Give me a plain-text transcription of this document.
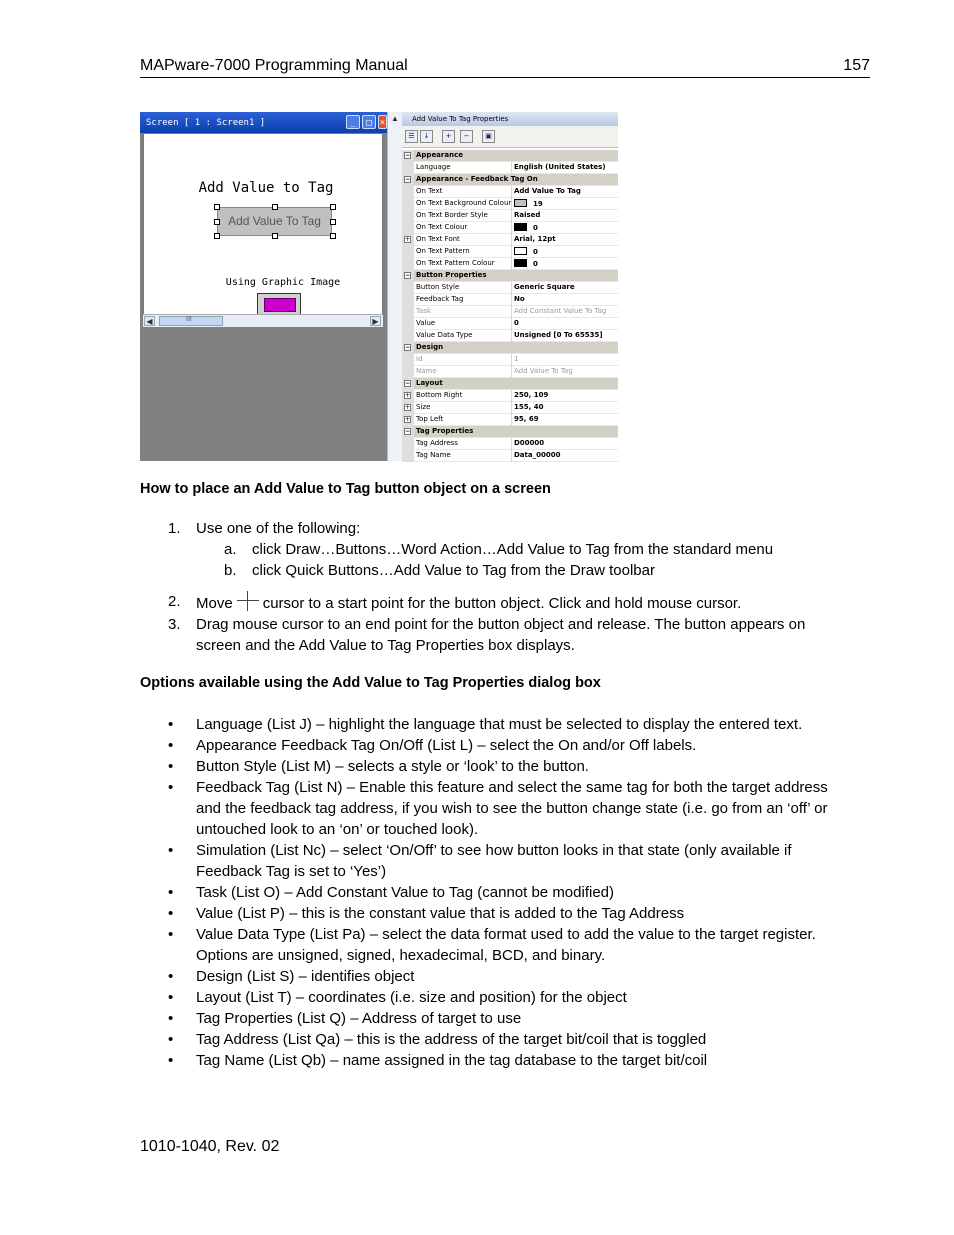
MAPware-7000 Programming Manual	157
Screen [ 1 : Screen1 ]	_	□ ×
Add Value to Tag
Add Value To Tag
Using Graphic Image
◀	III	▶
▲ Add Value To Tag Properties
☰	↓	+	−	▣
− Appearance
Language	English (United States)
− Appearance - Feedback Tag On
On Text	Add Value To Tag
On Text Background Colour	19
On Text Border Style	Raised
On Text Colour	0
+ On Text Font	Arial, 12pt
On Text Pattern	0
On Text Pattern Colour	0
− Button Properties
Button Style	Generic Square
Feedback Tag	No
Task	Add Constant Value To Tag
Value	0
Value Data Type	Unsigned [0 To 65535]
− Design
Id	1
Name	Add Value To Tag
− Layout
+ Bottom Right	250, 109
+ Size	155, 40
+ Top Left	95, 69
− Tag Properties
Tag Address	D00000
Tag Name	Data_00000
How to place an Add Value to Tag button object on a screen
1. Use one of the following:
a. click Draw…Buttons…Word Action…Add Value to Tag from the standard menu
b. click Quick Buttons…Add Value to Tag from the Draw toolbar
2. Move cursor to a start point for the button object. Click and hold mouse cursor.
3. Drag mouse cursor to an end point for the button object and release. The button appears on screen and the Add Value to Tag Properties box displays.
Options available using the Add Value to Tag Properties dialog box
• Language (List J) – highlight the language that must be selected to display the entered text.
• Appearance Feedback Tag On/Off (List L) – select the On and/or Off labels.
• Button Style (List M) – selects a style or ‘look’ to the button.
• Feedback Tag (List N) – Enable this feature and select the same tag for both the target address and the feedback tag address, if you wish to see the button change state (i.e. go from an ‘off’ or untouched look to an ‘on’ or touched look).
• Simulation (List Nc) – select ‘On/Off’ to see how button looks in that state (only available if Feedback Tag is set to ‘Yes’)
• Task (List O) – Add Constant Value to Tag (cannot be modified)
• Value (List P) – this is the constant value that is added to the Tag Address
• Value Data Type (List Pa) – select the data format used to add the value to the target register. Options are unsigned, signed, hexadecimal, BCD, and binary.
• Design (List S) – identifies object
• Layout (List T) – coordinates (i.e. size and position) for the object
• Tag Properties (List Q) – Address of target to use
• Tag Address (List Qa) – this is the address of the target bit/coil that is toggled
• Tag Name (List Qb) – name assigned in the tag database to the target bit/coil
1010-1040, Rev. 02
